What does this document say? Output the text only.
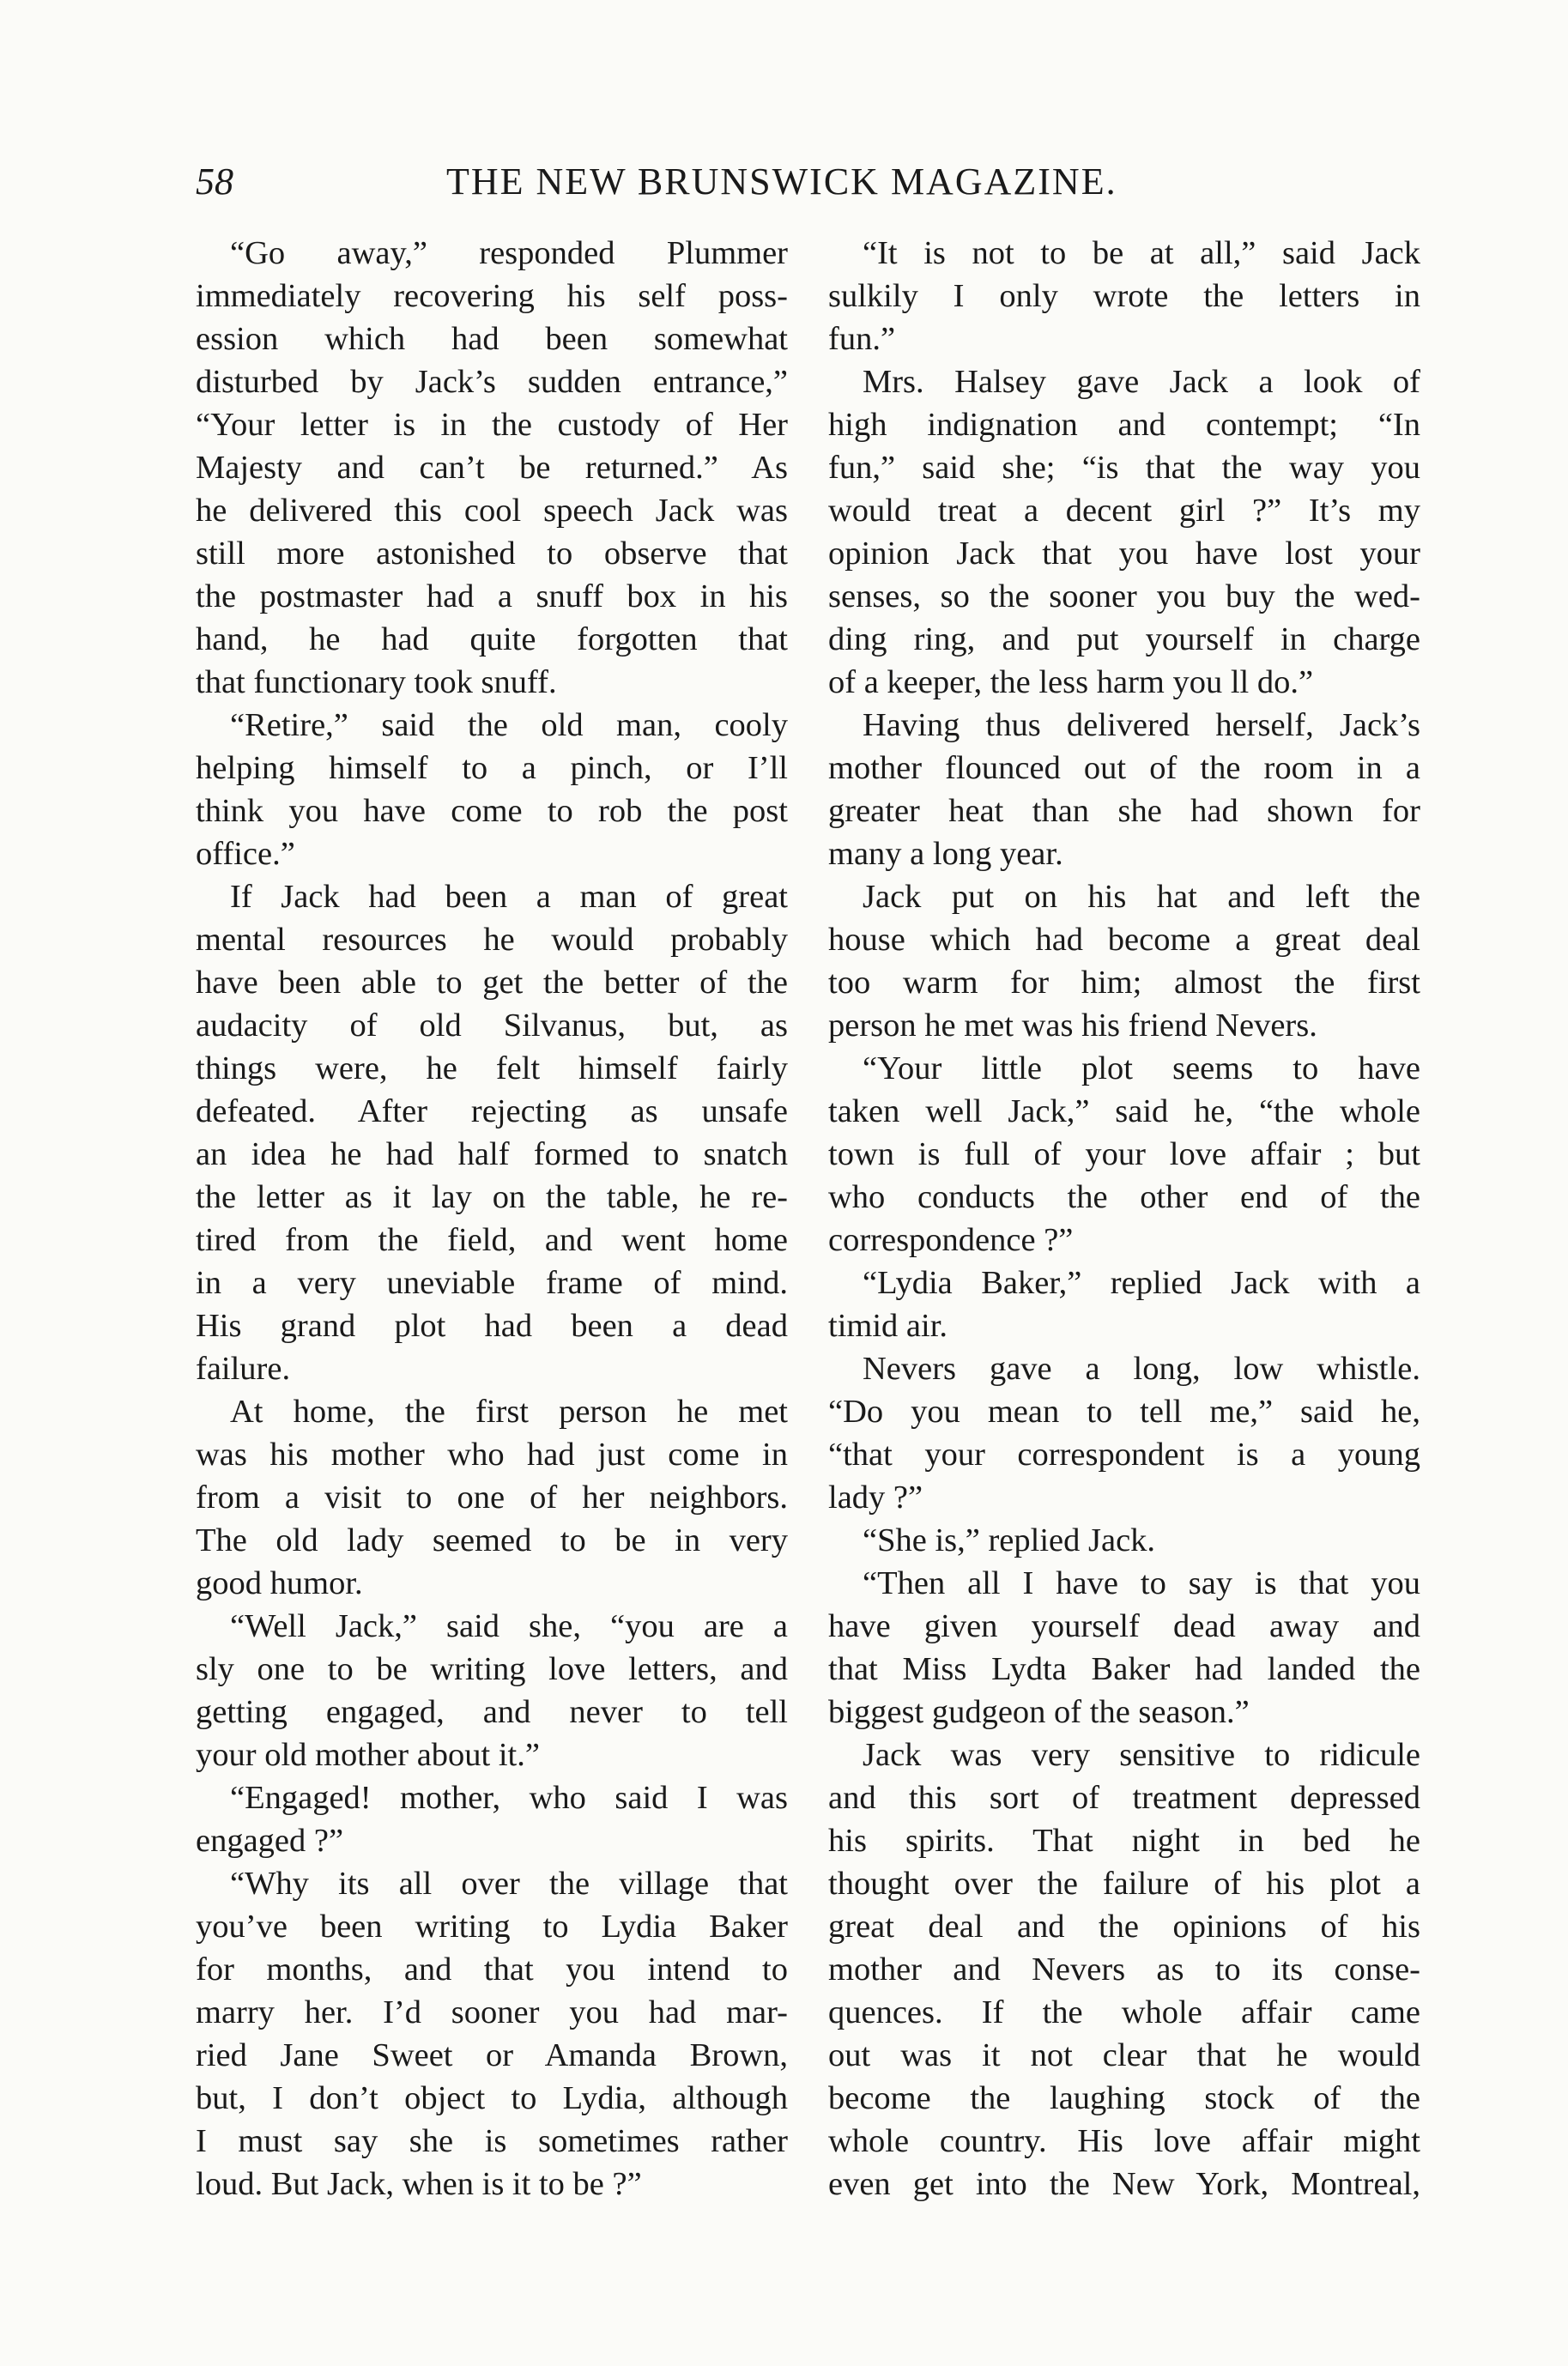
58	THE NEW BRUNSWICK MAGAZINE.
“Go away,” responded Plummer
immediately recovering his self poss-
ession which had been somewhat
disturbed by Jack’s sudden entrance,”
“Your letter is in the custody of Her
Majesty and can’t be returned.” As
he delivered this cool speech Jack was
still more astonished to observe that
the postmaster had a snuff box in his
hand, he had quite forgotten that
that functionary took snuff.
“Retire,” said the old man, cooly
helping himself to a pinch, or I’ll
think you have come to rob the post
office.”
If Jack had been a man of great
mental resources he would probably
have been able to get the better of the
audacity of old Silvanus, but, as
things were, he felt himself fairly
defeated. After rejecting as unsafe
an idea he had half formed to snatch
the letter as it lay on the table, he re-
tired from the field, and went home
in a very uneviable frame of mind.
His grand plot had been a dead
failure.
At home, the first person he met
was his mother who had just come in
from a visit to one of her neighbors.
The old lady seemed to be in very
good humor.
“Well Jack,” said she, “you are a
sly one to be writing love letters, and
getting engaged, and never to tell
your old mother about it.”
“Engaged! mother, who said I was
engaged ?”
“Why its all over the village that
you’ve been writing to Lydia Baker
for months, and that you intend to
marry her. I’d sooner you had mar-
ried Jane Sweet or Amanda Brown,
but, I don’t object to Lydia, although
I must say she is sometimes rather
loud. But Jack, when is it to be ?”
“It is not to be at all,” said Jack
sulkily I only wrote the letters in
fun.”
Mrs. Halsey gave Jack a look of
high indignation and contempt; “In
fun,” said she; “is that the way you
would treat a decent girl ?” It’s my
opinion Jack that you have lost your
senses, so the sooner you buy the wed-
ding ring, and put yourself in charge
of a keeper, the less harm you ll do.”
Having thus delivered herself, Jack’s
mother flounced out of the room in a
greater heat than she had shown for
many a long year.
Jack put on his hat and left the
house which had become a great deal
too warm for him; almost the first
person he met was his friend Nevers.
“Your little plot seems to have
taken well Jack,” said he, “the whole
town is full of your love affair ; but
who conducts the other end of the
correspondence ?”
“Lydia Baker,” replied Jack with a
timid air.
Nevers gave a long, low whistle.
“Do you mean to tell me,” said he,
“that your correspondent is a young
lady ?”
“She is,” replied Jack.
“Then all I have to say is that you
have given yourself dead away and
that Miss Lydta Baker had landed the
biggest gudgeon of the season.”
Jack was very sensitive to ridicule
and this sort of treatment depressed
his spirits. That night in bed he
thought over the failure of his plot a
great deal and the opinions of his
mother and Nevers as to its conse-
quences. If the whole affair came
out was it not clear that he would
become the laughing stock of the
whole country. His love affair might
even get into the New York, Montreal,
